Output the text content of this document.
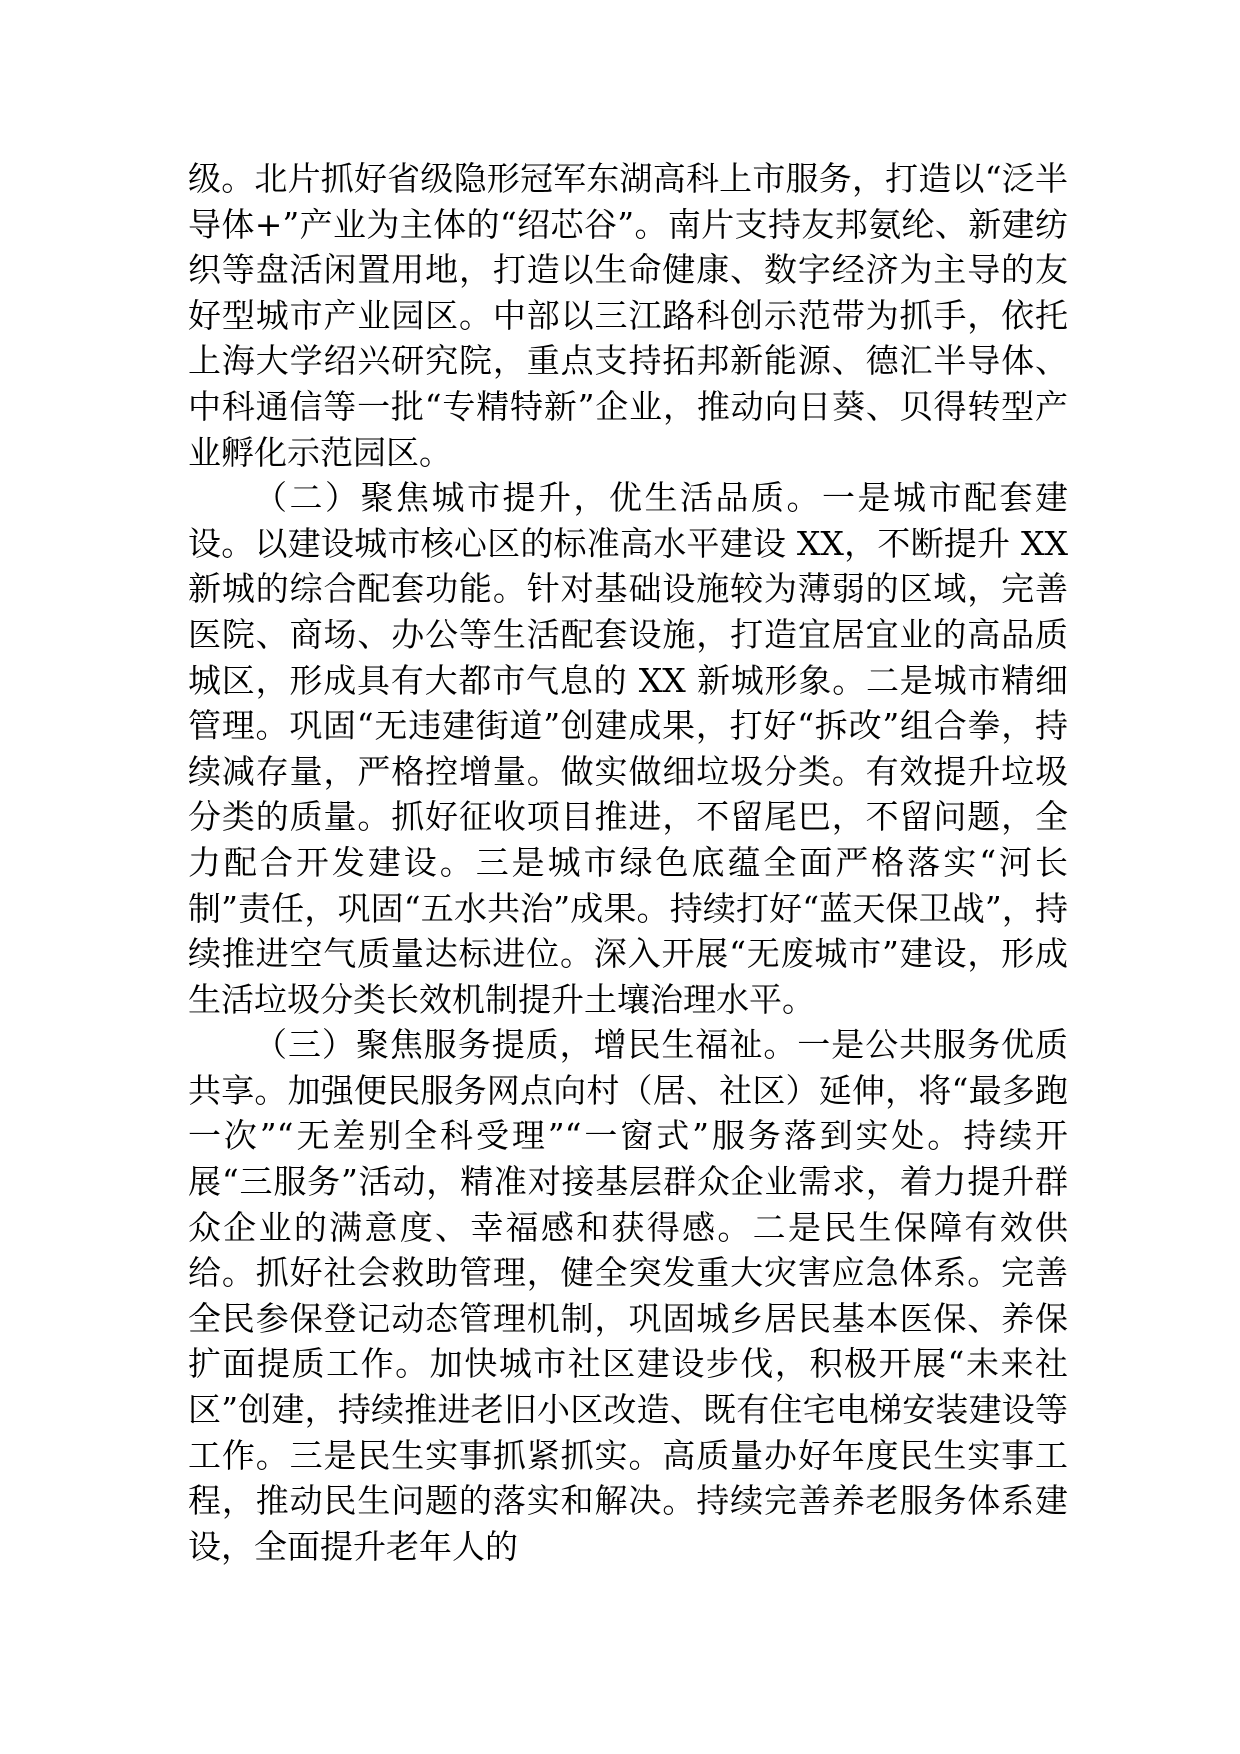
级。北片抓好省级隐形冠军东湖高科上市服务，打造以“泛半导体+”产业为主体的“绍芯谷”。南片支持友邦氨纶、新建纺织等盘活闲置用地，打造以生命健康、数字经济为主导的友好型城市产业园区。中部以三江路科创示范带为抓手，依托上海大学绍兴研究院，重点支持拓邦新能源、德汇半导体、中科通信等一批“专精特新”企业，推动向日葵、贝得转型产业孵化示范园区。

（二）聚焦城市提升，优生活品质。一是城市配套建设。以建设城市核心区的标准高水平建设 XX，不断提升 XX 新城的综合配套功能。针对基础设施较为薄弱的区域，完善医院、商场、办公等生活配套设施，打造宜居宜业的高品质城区，形成具有大都市气息的 XX 新城形象。二是城市精细管理。巩固“无违建街道”创建成果，打好“拆改”组合拳，持续减存量，严格控增量。做实做细垃圾分类。有效提升垃圾分类的质量。抓好征收项目推进，不留尾巴，不留问题，全力配合开发建设。三是城市绿色底蕴全面严格落实“河长制”责任，巩固“五水共治”成果。持续打好“蓝天保卫战”，持续推进空气质量达标进位。深入开展“无废城市”建设，形成生活垃圾分类长效机制提升土壤治理水平。

（三）聚焦服务提质，增民生福祉。一是公共服务优质共享。加强便民服务网点向村（居、社区）延伸，将“最多跑一次”“无差别全科受理”“一窗式”服务落到实处。持续开展“三服务”活动，精准对接基层群众企业需求，着力提升群众企业的满意度、幸福感和获得感。二是民生保障有效供给。抓好社会救助管理，健全突发重大灾害应急体系。完善全民参保登记动态管理机制，巩固城乡居民基本医保、养保扩面提质工作。加快城市社区建设步伐，积极开展“未来社区”创建，持续推进老旧小区改造、既有住宅电梯安装建设等工作。三是民生实事抓紧抓实。高质量办好年度民生实事工程，推动民生问题的落实和解决。持续完善养老服务体系建设，全面提升老年人的
